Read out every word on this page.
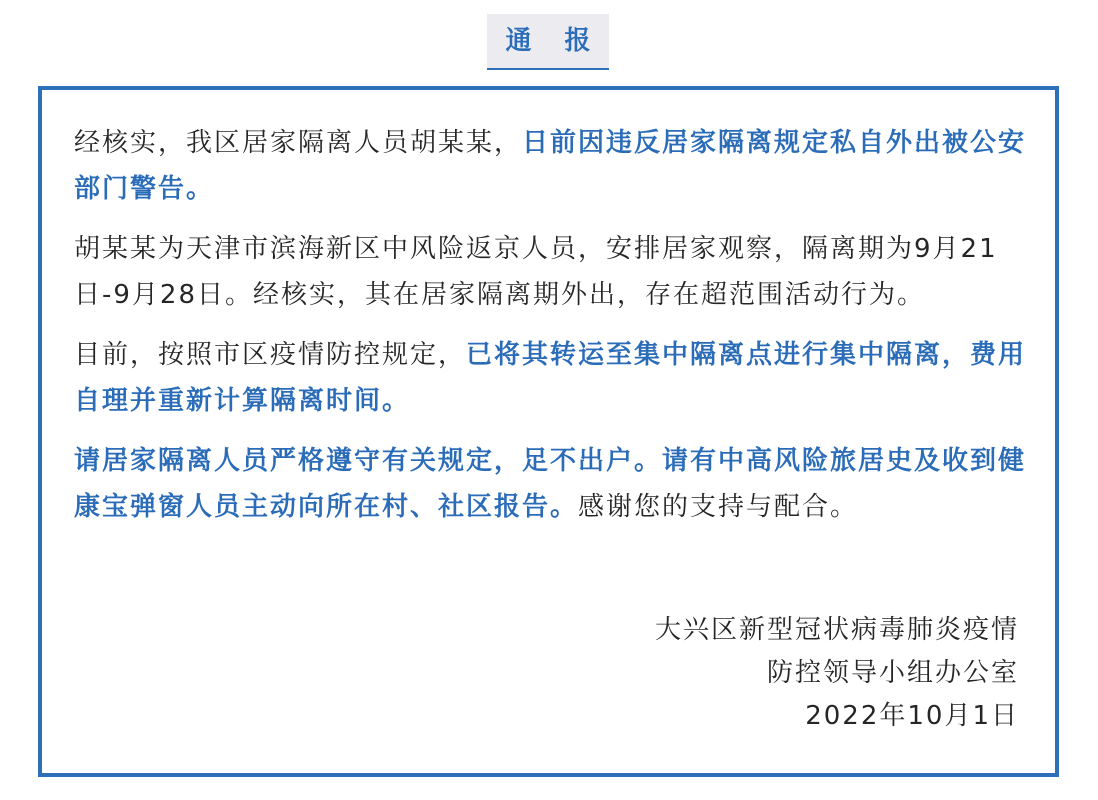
通 报

经核实，我区居家隔离人员胡某某，日前因违反居家隔离规定私自外出被公安部门警告。

胡某某为天津市滨海新区中风险返京人员，安排居家观察，隔离期为9月21日-9月28日。经核实，其在居家隔离期外出，存在超范围活动行为。

目前，按照市区疫情防控规定，已将其转运至集中隔离点进行集中隔离，费用自理并重新计算隔离时间。

请居家隔离人员严格遵守有关规定，足不出户。请有中高风险旅居史及收到健康宝弹窗人员主动向所在村、社区报告。感谢您的支持与配合。

大兴区新型冠状病毒肺炎疫情
防控领导小组办公室
2022年10月1日
